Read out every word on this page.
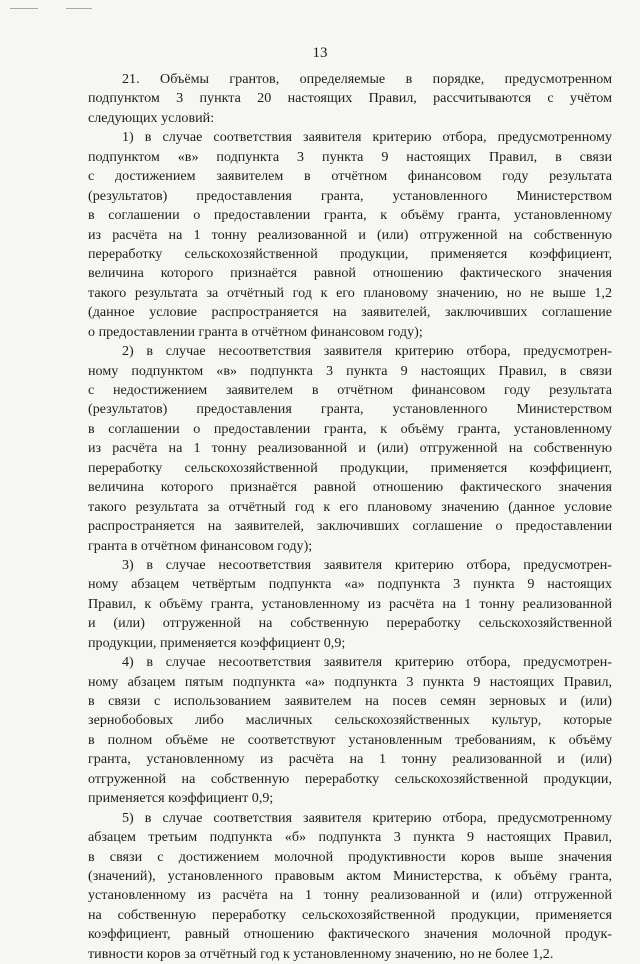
13
21. Объёмы грантов, определяемые в порядке, предусмотренном
подпунктом 3 пункта 20 настоящих Правил, рассчитываются с учётом
следующих условий:
1) в случае соответствия заявителя критерию отбора, предусмотренному
подпунктом «в» подпункта 3 пункта 9 настоящих Правил, в связи
с достижением заявителем в отчётном финансовом году результата
(результатов) предоставления гранта, установленного Министерством
в соглашении о предоставлении гранта, к объёму гранта, установленному
из расчёта на 1 тонну реализованной и (или) отгруженной на собственную
переработку сельскохозяйственной продукции, применяется коэффициент,
величина которого признаётся равной отношению фактического значения
такого результата за отчётный год к его плановому значению, но не выше 1,2
(данное условие распространяется на заявителей, заключивших соглашение
о предоставлении гранта в отчётном финансовом году);
2) в случае несоответствия заявителя критерию отбора, предусмотрен-
ному подпунктом «в» подпункта 3 пункта 9 настоящих Правил, в связи
с недостижением заявителем в отчётном финансовом году результата
(результатов) предоставления гранта, установленного Министерством
в соглашении о предоставлении гранта, к объёму гранта, установленному
из расчёта на 1 тонну реализованной и (или) отгруженной на собственную
переработку сельскохозяйственной продукции, применяется коэффициент,
величина которого признаётся равной отношению фактического значения
такого результата за отчётный год к его плановому значению (данное условие
распространяется на заявителей, заключивших соглашение о предоставлении
гранта в отчётном финансовом году);
3) в случае несоответствия заявителя критерию отбора, предусмотрен-
ному абзацем четвёртым подпункта «а» подпункта 3 пункта 9 настоящих
Правил, к объёму гранта, установленному из расчёта на 1 тонну реализованной
и (или) отгруженной на собственную переработку сельскохозяйственной
продукции, применяется коэффициент 0,9;
4) в случае несоответствия заявителя критерию отбора, предусмотрен-
ному абзацем пятым подпункта «а» подпункта 3 пункта 9 настоящих Правил,
в связи с использованием заявителем на посев семян зерновых и (или)
зернобобовых либо масличных сельскохозяйственных культур, которые
в полном объёме не соответствуют установленным требованиям, к объёму
гранта, установленному из расчёта на 1 тонну реализованной и (или)
отгруженной на собственную переработку сельскохозяйственной продукции,
применяется коэффициент 0,9;
5) в случае соответствия заявителя критерию отбора, предусмотренному
абзацем третьим подпункта «б» подпункта 3 пункта 9 настоящих Правил,
в связи с достижением молочной продуктивности коров выше значения
(значений), установленного правовым актом Министерства, к объёму гранта,
установленному из расчёта на 1 тонну реализованной и (или) отгруженной
на собственную переработку сельскохозяйственной продукции, применяется
коэффициент, равный отношению фактического значения молочной продук-
тивности коров за отчётный год к установленному значению, но не более 1,2.
